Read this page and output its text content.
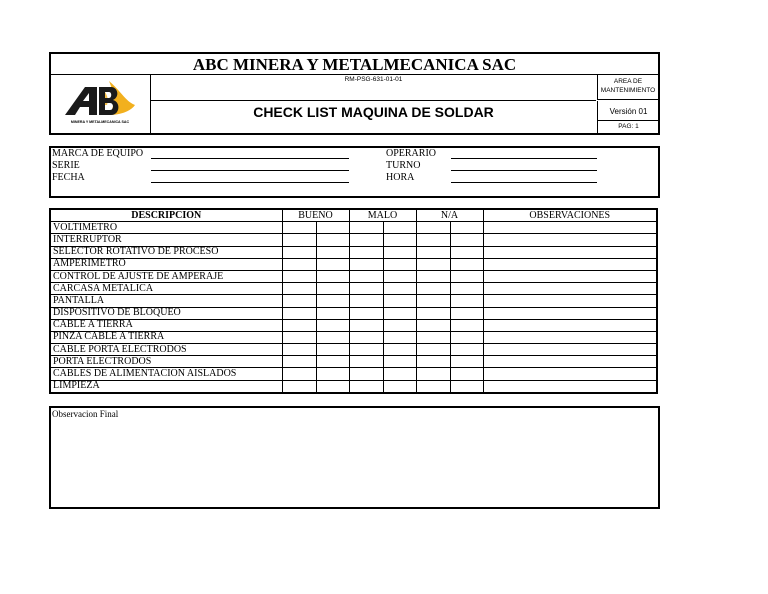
ABC MINERA Y METALMECANICA SAC
MINERA Y METALMECANICA SAC
RM-PSG-631-01-01	AREA DE MANTENIMIENTO
CHECK LIST MAQUINA DE SOLDAR	Versión 01
PAG: 1
MARCA DE EQUIPO
SERIE
FECHA
OPERARIO
TURNO
HORA
DESCRIPCION	BUENO		MALO		N/A		OBSERVACIONES
VOLTIMETRO							
INTERRUPTOR							
SELECTOR ROTATIVO DE PROCESO							
AMPERIMETRO							
CONTROL DE AJUSTE DE AMPERAJE							
CARCASA METALICA							
PANTALLA							
DISPOSITIVO DE BLOQUEO							
CABLE A TIERRA							
PINZA CABLE A TIERRA							
CABLE PORTA ELECTRODOS							
PORTA ELECTRODOS							
CABLES DE ALIMENTACION AISLADOS							
LIMPIEZA							
Observacion Final
